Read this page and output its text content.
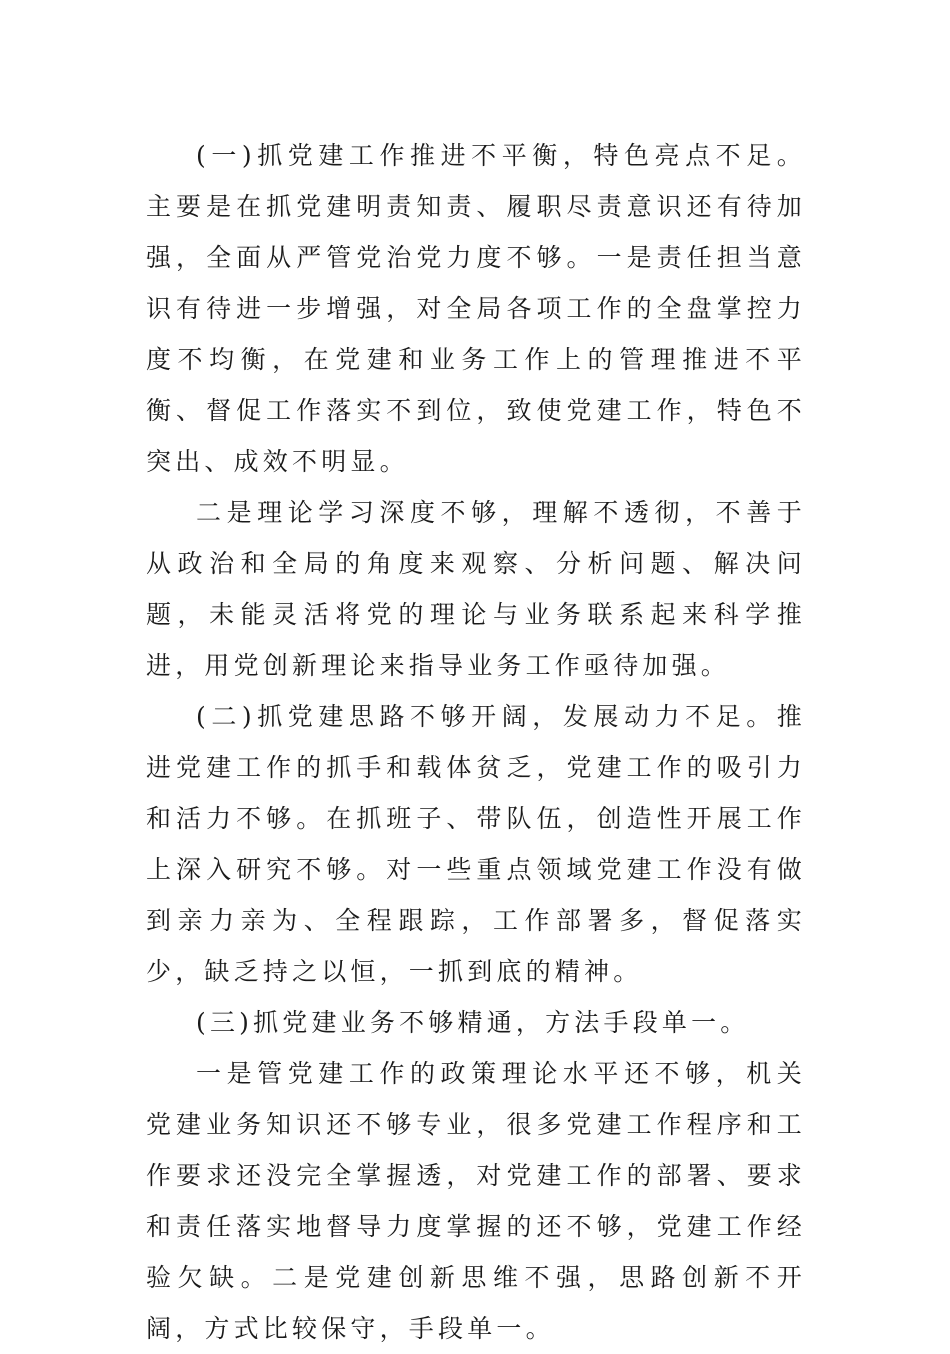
(一)抓党建工作推进不平衡，特色亮点不足。主要是在抓党建明责知责、履职尽责意识还有待加强，全面从严管党治党力度不够。一是责任担当意识有待进一步增强，对全局各项工作的全盘掌控力度不均衡，在党建和业务工作上的管理推进不平衡、督促工作落实不到位，致使党建工作，特色不突出、成效不明显。

二是理论学习深度不够，理解不透彻，不善于从政治和全局的角度来观察、分析问题、解决问题，未能灵活将党的理论与业务联系起来科学推进，用党创新理论来指导业务工作亟待加强。

(二)抓党建思路不够开阔，发展动力不足。推进党建工作的抓手和载体贫乏，党建工作的吸引力和活力不够。在抓班子、带队伍，创造性开展工作上深入研究不够。对一些重点领域党建工作没有做到亲力亲为、全程跟踪，工作部署多，督促落实少，缺乏持之以恒，一抓到底的精神。

(三)抓党建业务不够精通，方法手段单一。

一是管党建工作的政策理论水平还不够，机关党建业务知识还不够专业，很多党建工作程序和工作要求还没完全掌握透，对党建工作的部署、要求和责任落实地督导力度掌握的还不够，党建工作经验欠缺。二是党建创新思维不强，思路创新不开阔，方式比较保守，手段单一。
